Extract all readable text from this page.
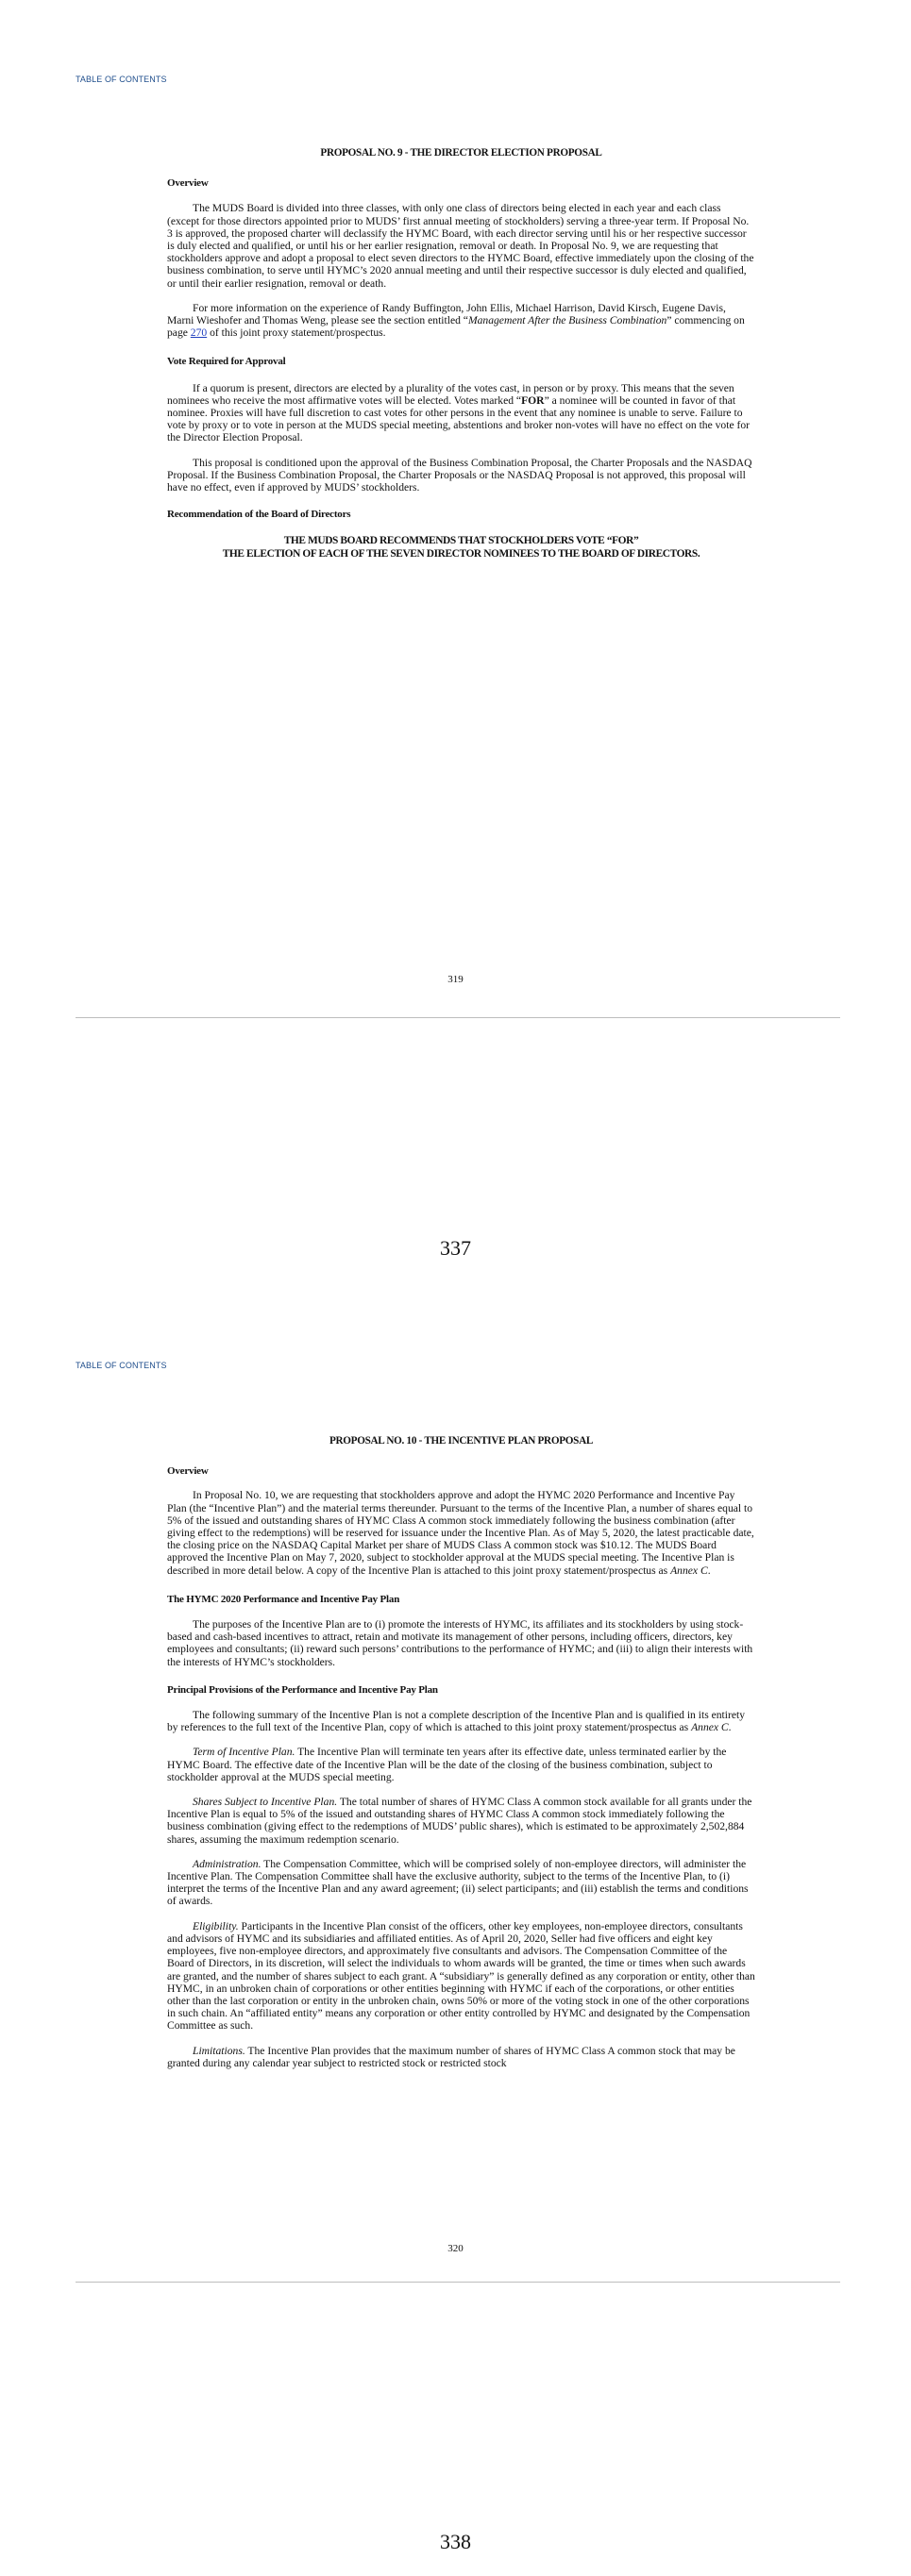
TABLE OF CONTENTS

PROPOSAL NO. 9 - THE DIRECTOR ELECTION PROPOSAL

Overview

The MUDS Board is divided into three classes, with only one class of directors being elected in each year and each class (except for those directors appointed prior to MUDS’ first annual meeting of stockholders) serving a three-year term. If Proposal No. 3 is approved, the proposed charter will declassify the HYMC Board, with each director serving until his or her respective successor is duly elected and qualified, or until his or her earlier resignation, removal or death. In Proposal No. 9, we are requesting that stockholders approve and adopt a proposal to elect seven directors to the HYMC Board, effective immediately upon the closing of the business combination, to serve until HYMC’s 2020 annual meeting and until their respective successor is duly elected and qualified, or until their earlier resignation, removal or death.

For more information on the experience of Randy Buffington, John Ellis, Michael Harrison, David Kirsch, Eugene Davis, Marni Wieshofer and Thomas Weng, please see the section entitled “Management After the Business Combination” commencing on page 270 of this joint proxy statement/prospectus.

Vote Required for Approval

If a quorum is present, directors are elected by a plurality of the votes cast, in person or by proxy. This means that the seven nominees who receive the most affirmative votes will be elected. Votes marked “FOR” a nominee will be counted in favor of that nominee. Proxies will have full discretion to cast votes for other persons in the event that any nominee is unable to serve. Failure to vote by proxy or to vote in person at the MUDS special meeting, abstentions and broker non-votes will have no effect on the vote for the Director Election Proposal.

This proposal is conditioned upon the approval of the Business Combination Proposal, the Charter Proposals and the NASDAQ Proposal. If the Business Combination Proposal, the Charter Proposals or the NASDAQ Proposal is not approved, this proposal will have no effect, even if approved by MUDS’ stockholders.

Recommendation of the Board of Directors

THE MUDS BOARD RECOMMENDS THAT STOCKHOLDERS VOTE “FOR”

THE ELECTION OF EACH OF THE SEVEN DIRECTOR NOMINEES TO THE BOARD OF DIRECTORS.

319
337
TABLE OF CONTENTS

PROPOSAL NO. 10 - THE INCENTIVE PLAN PROPOSAL

Overview

In Proposal No. 10, we are requesting that stockholders approve and adopt the HYMC 2020 Performance and Incentive Pay Plan (the “Incentive Plan”) and the material terms thereunder. Pursuant to the terms of the Incentive Plan, a number of shares equal to 5% of the issued and outstanding shares of HYMC Class A common stock immediately following the business combination (after giving effect to the redemptions) will be reserved for issuance under the Incentive Plan. As of May 5, 2020, the latest practicable date, the closing price on the NASDAQ Capital Market per share of MUDS Class A common stock was $10.12. The MUDS Board approved the Incentive Plan on May 7, 2020, subject to stockholder approval at the MUDS special meeting. The Incentive Plan is described in more detail below. A copy of the Incentive Plan is attached to this joint proxy statement/prospectus as Annex C.

The HYMC 2020 Performance and Incentive Pay Plan

The purposes of the Incentive Plan are to (i) promote the interests of HYMC, its affiliates and its stockholders by using stock-based and cash-based incentives to attract, retain and motivate its management of other persons, including officers, directors, key employees and consultants; (ii) reward such persons’ contributions to the performance of HYMC; and (iii) to align their interests with the interests of HYMC’s stockholders.

Principal Provisions of the Performance and Incentive Pay Plan

The following summary of the Incentive Plan is not a complete description of the Incentive Plan and is qualified in its entirety by references to the full text of the Incentive Plan, copy of which is attached to this joint proxy statement/prospectus as Annex C.

Term of Incentive Plan. The Incentive Plan will terminate ten years after its effective date, unless terminated earlier by the HYMC Board. The effective date of the Incentive Plan will be the date of the closing of the business combination, subject to stockholder approval at the MUDS special meeting.

Shares Subject to Incentive Plan. The total number of shares of HYMC Class A common stock available for all grants under the Incentive Plan is equal to 5% of the issued and outstanding shares of HYMC Class A common stock immediately following the business combination (giving effect to the redemptions of MUDS’ public shares), which is estimated to be approximately 2,502,884 shares, assuming the maximum redemption scenario.

Administration. The Compensation Committee, which will be comprised solely of non-employee directors, will administer the Incentive Plan. The Compensation Committee shall have the exclusive authority, subject to the terms of the Incentive Plan, to (i) interpret the terms of the Incentive Plan and any award agreement; (ii) select participants; and (iii) establish the terms and conditions of awards.

Eligibility. Participants in the Incentive Plan consist of the officers, other key employees, non-employee directors, consultants and advisors of HYMC and its subsidiaries and affiliated entities. As of April 20, 2020, Seller had five officers and eight key employees, five non-employee directors, and approximately five consultants and advisors. The Compensation Committee of the Board of Directors, in its discretion, will select the individuals to whom awards will be granted, the time or times when such awards are granted, and the number of shares subject to each grant. A “subsidiary” is generally defined as any corporation or entity, other than HYMC, in an unbroken chain of corporations or other entities beginning with HYMC if each of the corporations, or other entities other than the last corporation or entity in the unbroken chain, owns 50% or more of the voting stock in one of the other corporations in such chain. An “affiliated entity” means any corporation or other entity controlled by HYMC and designated by the Compensation Committee as such.

Limitations. The Incentive Plan provides that the maximum number of shares of HYMC Class A common stock that may be granted during any calendar year subject to restricted stock or restricted stock

320
338
